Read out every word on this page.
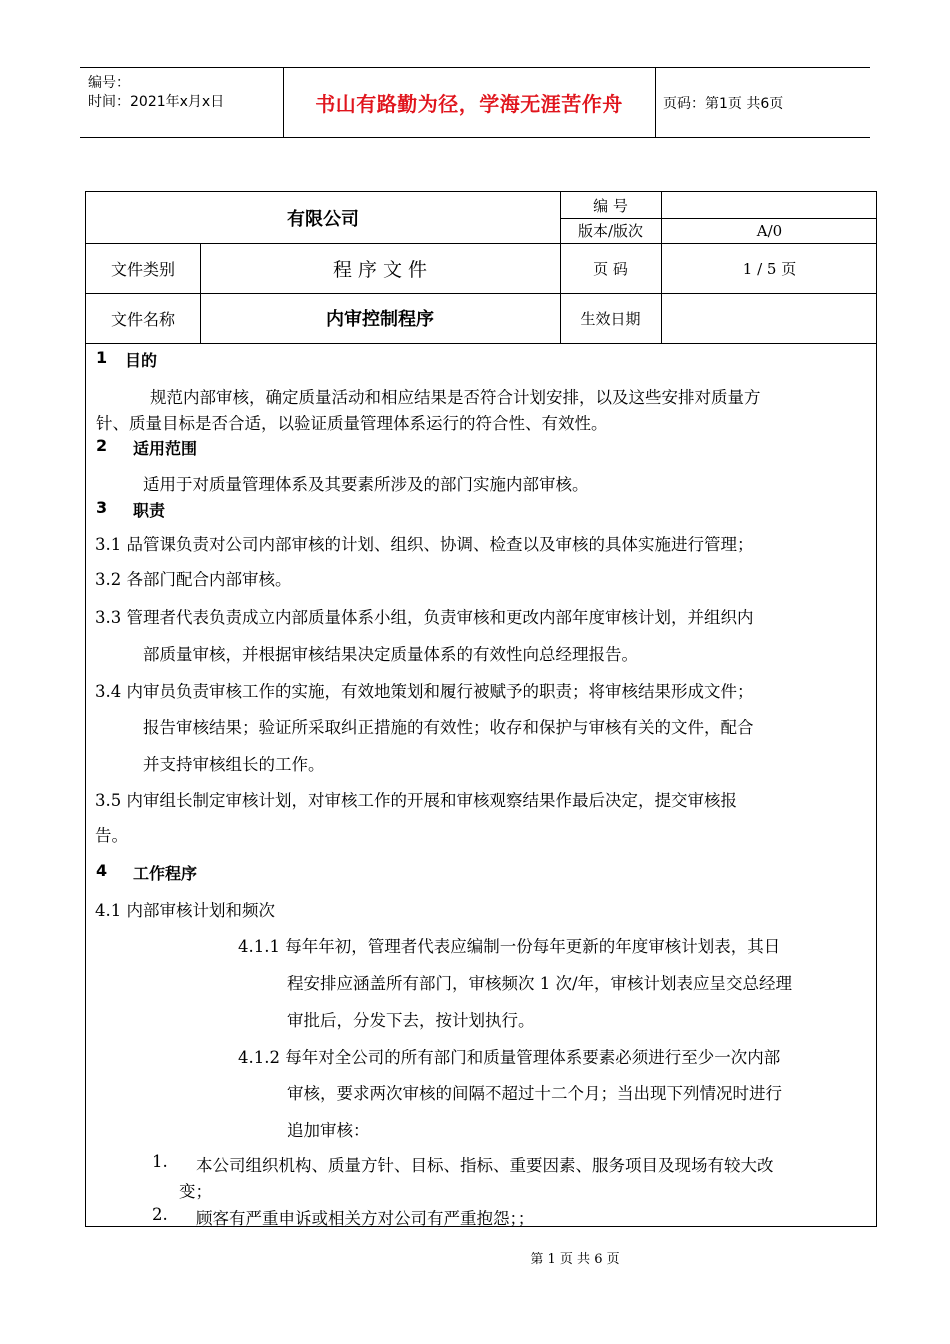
编号：
时间：2021年x月x日	书山有路勤为径，学海无涯苦作舟	页码：第1页 共6页
有限公司
编 号
版本/版次	A/0
文件类别	程 序 文 件	页 码	1 / 5 页
文件名称	内审控制程序	生效日期
1 目的
规范内部审核，确定质量活动和相应结果是否符合计划安排，以及这些安排对质量方
针、质量目标是否合适，以验证质量管理体系运行的符合性、有效性。
2 适用范围
适用于对质量管理体系及其要素所涉及的部门实施内部审核。
3 职责
3.1 品管课负责对公司内部审核的计划、组织、协调、检查以及审核的具体实施进行管理；
3.2 各部门配合内部审核。
3.3 管理者代表负责成立内部质量体系小组，负责审核和更改内部年度审核计划，并组织内
部质量审核，并根据审核结果决定质量体系的有效性向总经理报告。
3.4 内审员负责审核工作的实施，有效地策划和履行被赋予的职责；将审核结果形成文件；
报告审核结果；验证所采取纠正措施的有效性；收存和保护与审核有关的文件，配合
并支持审核组长的工作。
3.5 内审组长制定审核计划，对审核工作的开展和审核观察结果作最后决定，提交审核报
告。
4 工作程序
4.1 内部审核计划和频次
4.1.1 每年年初，管理者代表应编制一份每年更新的年度审核计划表，其日
程安排应涵盖所有部门，审核频次 1 次/年，审核计划表应呈交总经理
审批后，分发下去，按计划执行。
4.1.2 每年对全公司的所有部门和质量管理体系要素必须进行至少一次内部
审核，要求两次审核的间隔不超过十二个月；当出现下列情况时进行
追加审核：
1. 本公司组织机构、质量方针、目标、指标、重要因素、服务项目及现场有较大改
变；
2. 顾客有严重申诉或相关方对公司有严重抱怨；；
第 1 页 共 6 页
